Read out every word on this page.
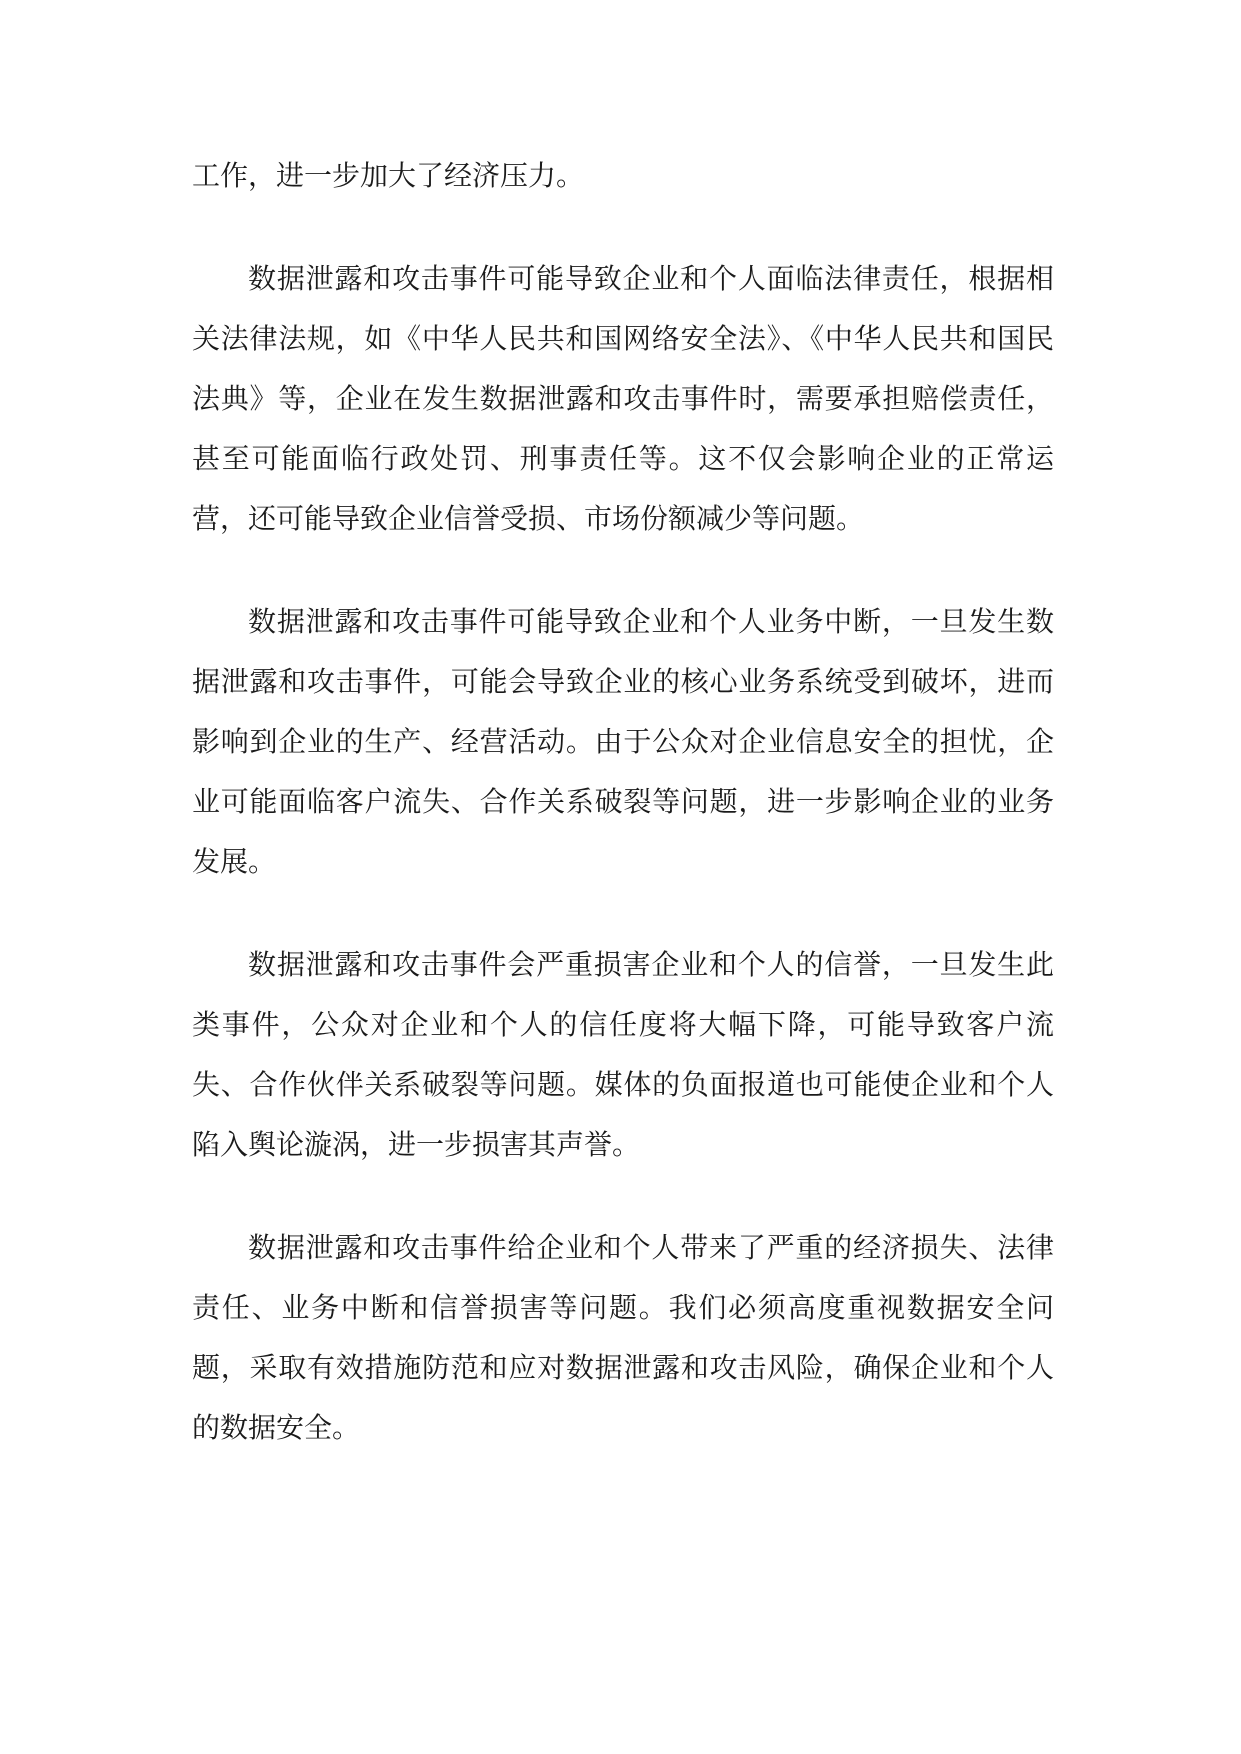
工作，进一步加大了经济压力。

数据泄露和攻击事件可能导致企业和个人面临法律责任，根据相关法律法规，如《中华人民共和国网络安全法》、《中华人民共和国民法典》等，企业在发生数据泄露和攻击事件时，需要承担赔偿责任，甚至可能面临行政处罚、刑事责任等。这不仅会影响企业的正常运营，还可能导致企业信誉受损、市场份额减少等问题。

数据泄露和攻击事件可能导致企业和个人业务中断，一旦发生数据泄露和攻击事件，可能会导致企业的核心业务系统受到破坏，进而影响到企业的生产、经营活动。由于公众对企业信息安全的担忧，企业可能面临客户流失、合作关系破裂等问题，进一步影响企业的业务发展。

数据泄露和攻击事件会严重损害企业和个人的信誉，一旦发生此类事件，公众对企业和个人的信任度将大幅下降，可能导致客户流失、合作伙伴关系破裂等问题。媒体的负面报道也可能使企业和个人陷入舆论漩涡，进一步损害其声誉。

数据泄露和攻击事件给企业和个人带来了严重的经济损失、法律责任、业务中断和信誉损害等问题。我们必须高度重视数据安全问题，采取有效措施防范和应对数据泄露和攻击风险，确保企业和个人的数据安全。
